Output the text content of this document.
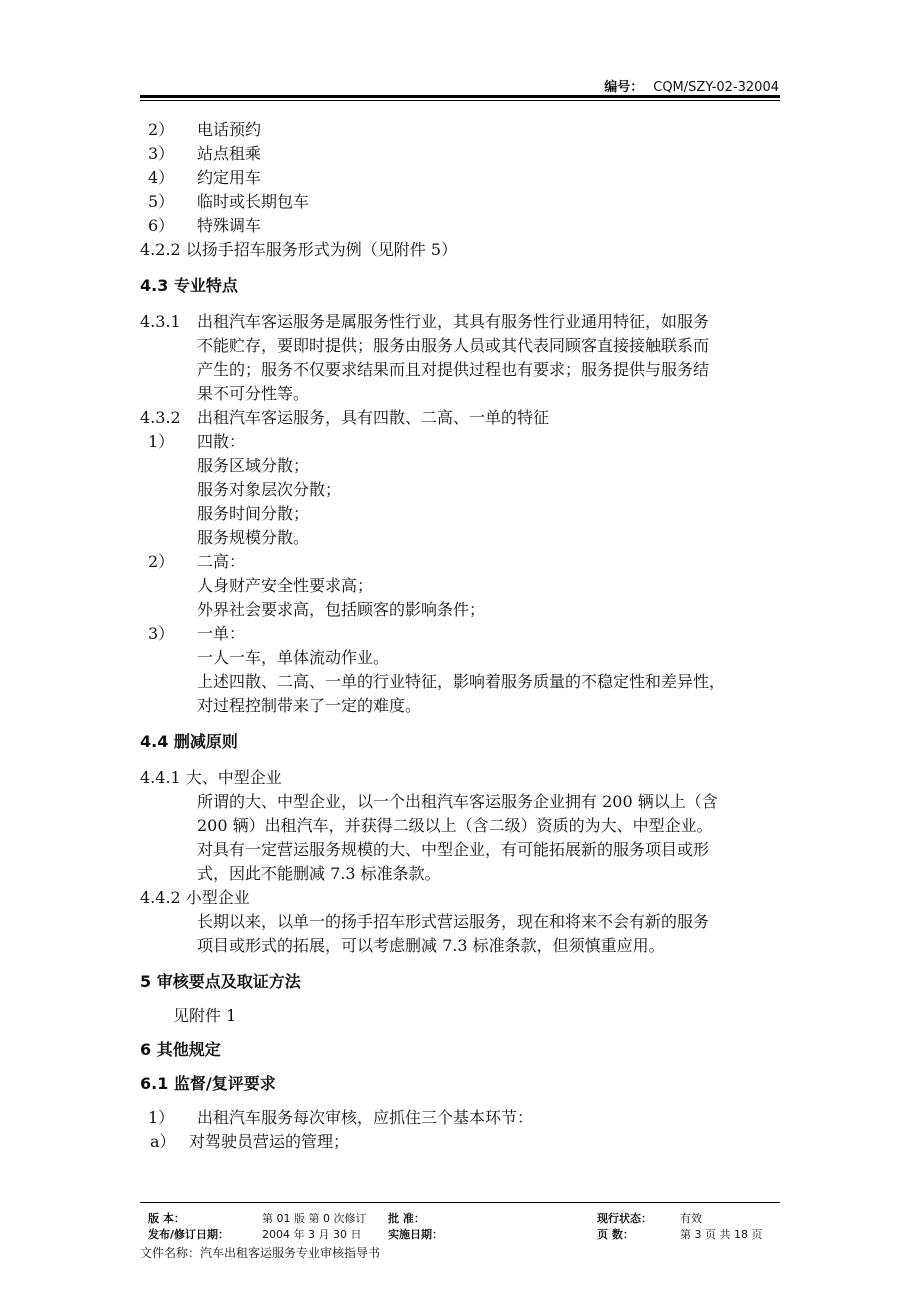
编号： CQM/SZY-02-32004
2） 电话预约
3） 站点租乘
4） 约定用车
5） 临时或长期包车
6） 特殊调车
4.2.2 以扬手招车服务形式为例（见附件 5）
4.3 专业特点
4.3.1 出租汽车客运服务是属服务性行业，其具有服务性行业通用特征，如服务
不能贮存，要即时提供；服务由服务人员或其代表同顾客直接接触联系而
产生的；服务不仅要求结果而且对提供过程也有要求；服务提供与服务结
果不可分性等。
4.3.2 出租汽车客运服务，具有四散、二高、一单的特征
1） 四散：
服务区域分散；
服务对象层次分散；
服务时间分散；
服务规模分散。
2） 二高：
人身财产安全性要求高；
外界社会要求高，包括顾客的影响条件；
3） 一单：
一人一车，单体流动作业。
上述四散、二高、一单的行业特征，影响着服务质量的不稳定性和差异性，
对过程控制带来了一定的难度。
4.4 删减原则
4.4.1 大、中型企业
所谓的大、中型企业，以一个出租汽车客运服务企业拥有 200 辆以上（含
200 辆）出租汽车，并获得二级以上（含二级）资质的为大、中型企业。
对具有一定营运服务规模的大、中型企业，有可能拓展新的服务项目或形
式，因此不能删减 7.3 标准条款。
4.4.2 小型企业
长期以来，以单一的扬手招车形式营运服务，现在和将来不会有新的服务
项目或形式的拓展，可以考虑删减 7.3 标准条款，但须慎重应用。
5 审核要点及取证方法
见附件 1
6 其他规定
6.1 监督/复评要求
1） 出租汽车服务每次审核，应抓住三个基本环节：
a） 对驾驶员营运的管理；
版 本：	第 01 版 第 0 次修订 批 准：	现行状态：	有效
发布/修订日期：	2004 年 3 月 30 日 实施日期：	页 数：	第 3 页 共 18 页
文件名称：汽车出租客运服务专业审核指导书
